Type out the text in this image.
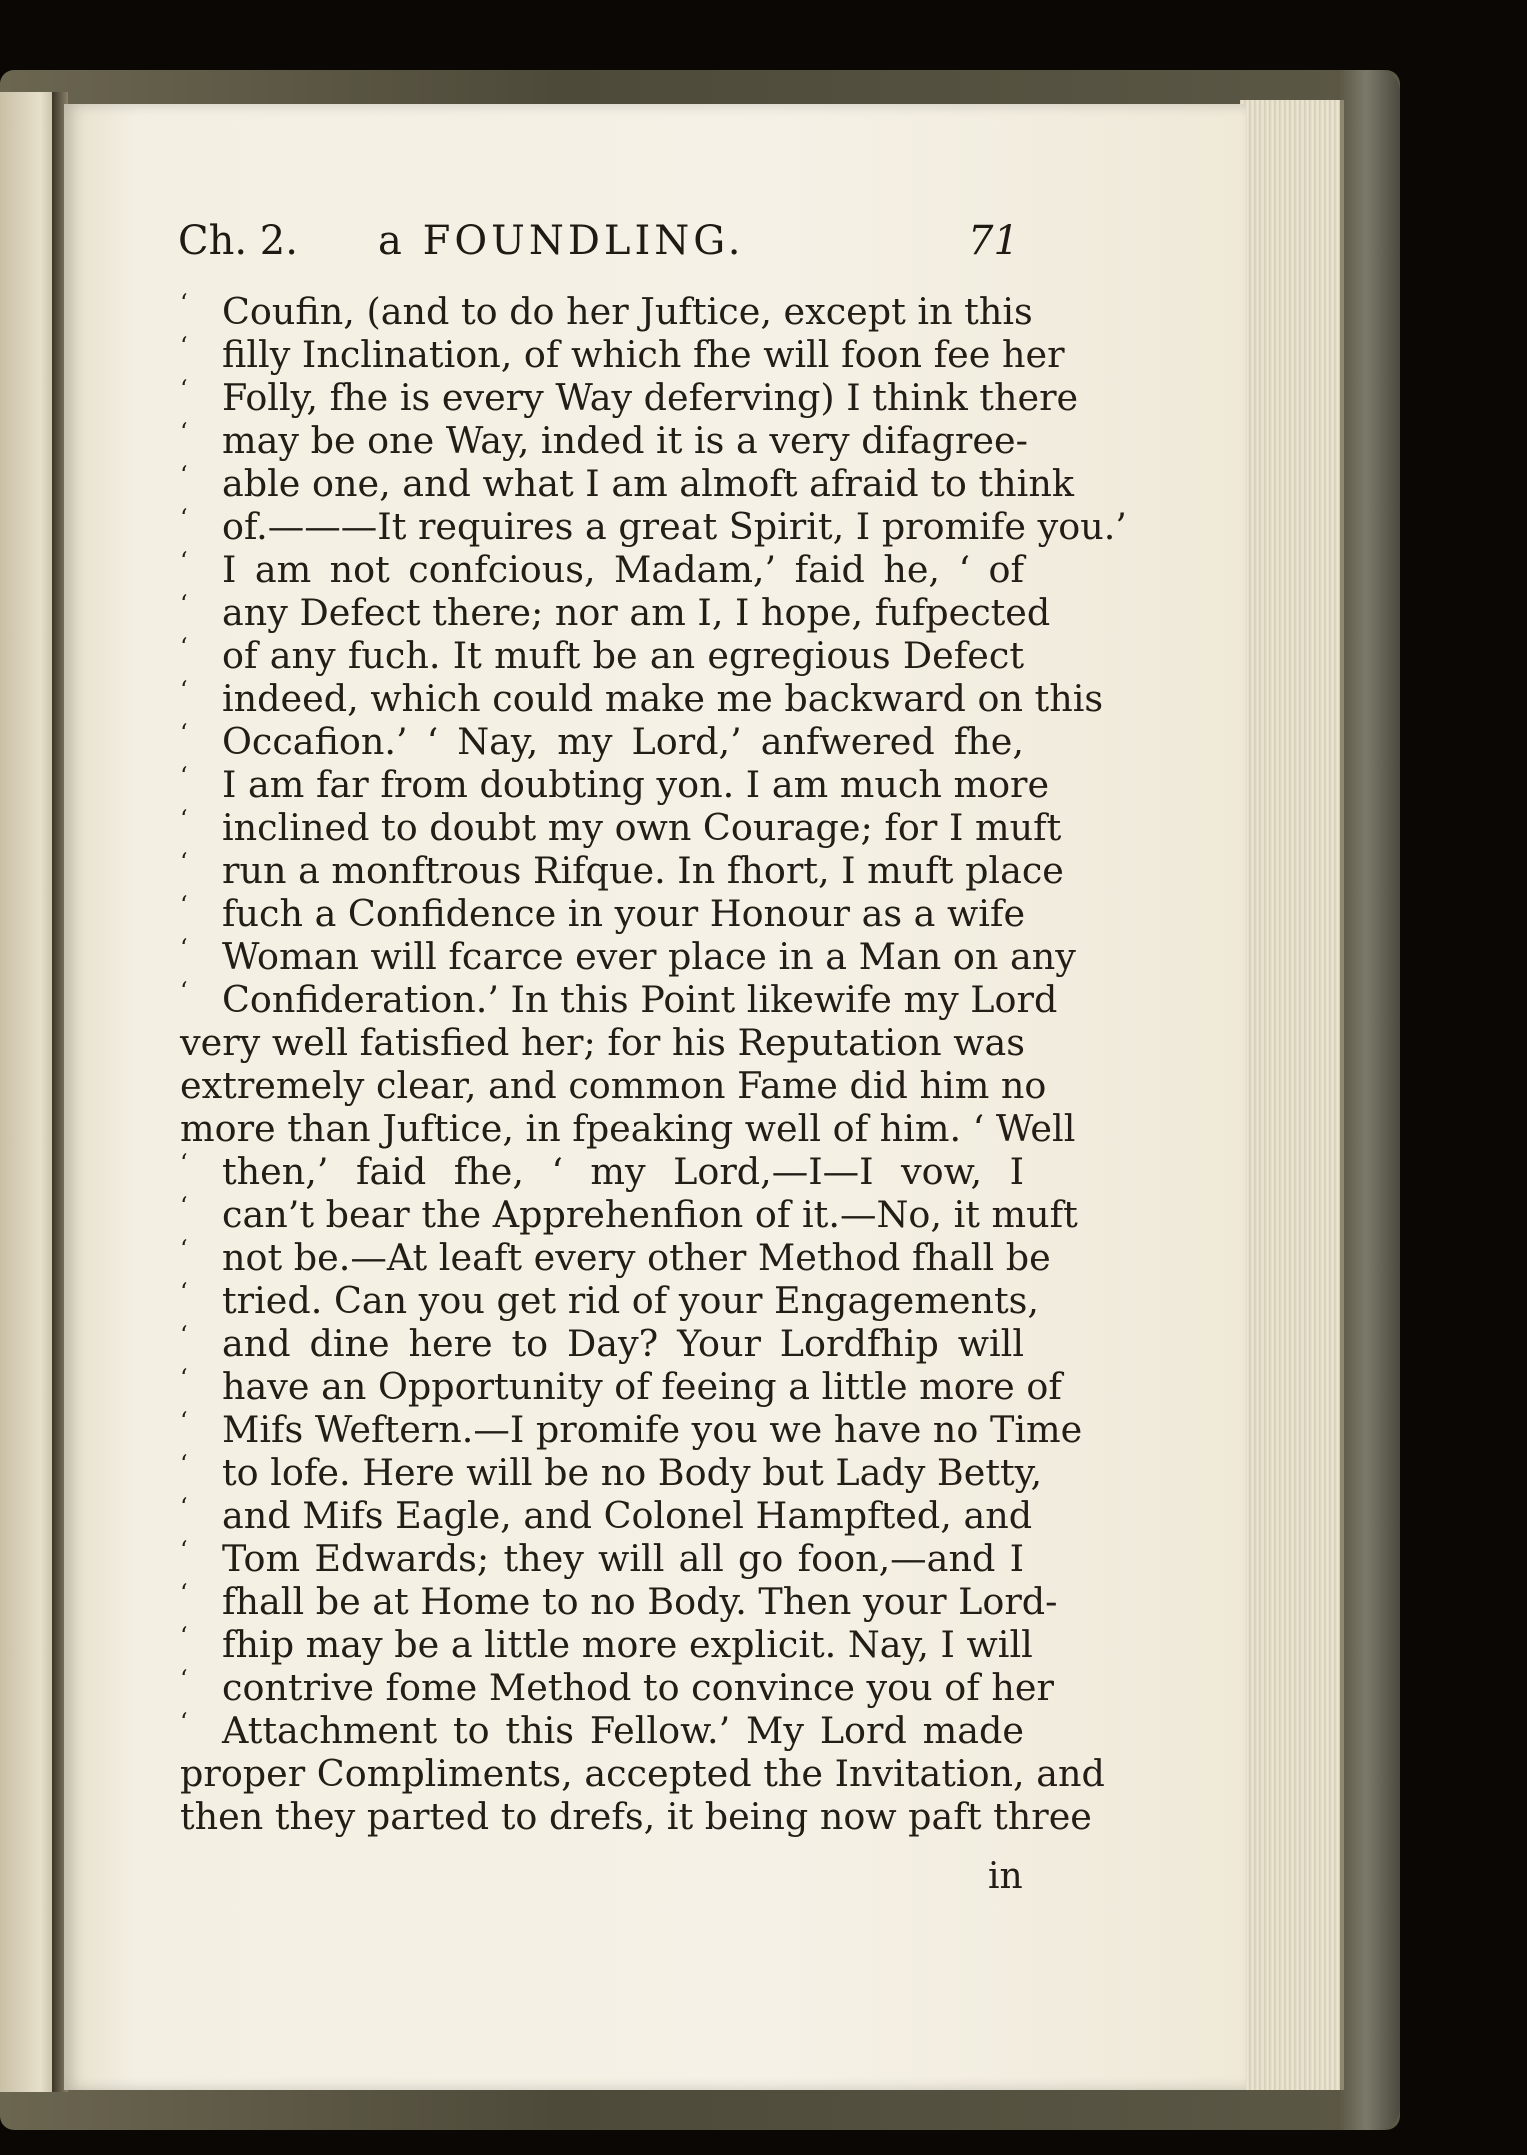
Ch. 2. a FOUNDLING.	71
‘ Coufin, (and to do her Juftice, except in this
‘ filly Inclination, of which fhe will foon fee her
‘ Folly, fhe is every Way deferving) I think there
‘ may be one Way, inded it is a very difagree-
‘ able one, and what I am almoft afraid to think
‘ of.———It requires a great Spirit, I promife you.’
‘ I am not confcious, Madam,’ faid he, ‘ of
‘ any Defect there; nor am I, I hope, fufpected
‘ of any fuch. It muft be an egregious Defect
‘ indeed, which could make me backward on this
‘ Occafion.’ ‘ Nay, my Lord,’ anfwered fhe,
‘ I am far from doubting yon. I am much more
‘ inclined to doubt my own Courage; for I muft
‘ run a monftrous Rifque. In fhort, I muft place
‘ fuch a Confidence in your Honour as a wife
‘ Woman will fcarce ever place in a Man on any
‘ Confideration.’ In this Point likewife my Lord
very well fatisfied her; for his Reputation was
extremely clear, and common Fame did him no
more than Juftice, in fpeaking well of him. ‘ Well
‘ then,’ faid fhe, ‘ my Lord,—I—I vow, I
‘ can’t bear the Apprehenfion of it.—No, it muft
‘ not be.—At leaft every other Method fhall be
‘ tried. Can you get rid of your Engagements,
‘ and dine here to Day? Your Lordfhip will
‘ have an Opportunity of feeing a little more of
‘ Mifs Weftern.—I promife you we have no Time
‘ to lofe. Here will be no Body but Lady Betty,
‘ and Mifs Eagle, and Colonel Hampfted, and
‘ Tom Edwards; they will all go foon,—and I
‘ fhall be at Home to no Body. Then your Lord-
‘ fhip may be a little more explicit. Nay, I will
‘ contrive fome Method to convince you of her
‘ Attachment to this Fellow.’ My Lord made
proper Compliments, accepted the Invitation, and
then they parted to drefs, it being now paft three
in
